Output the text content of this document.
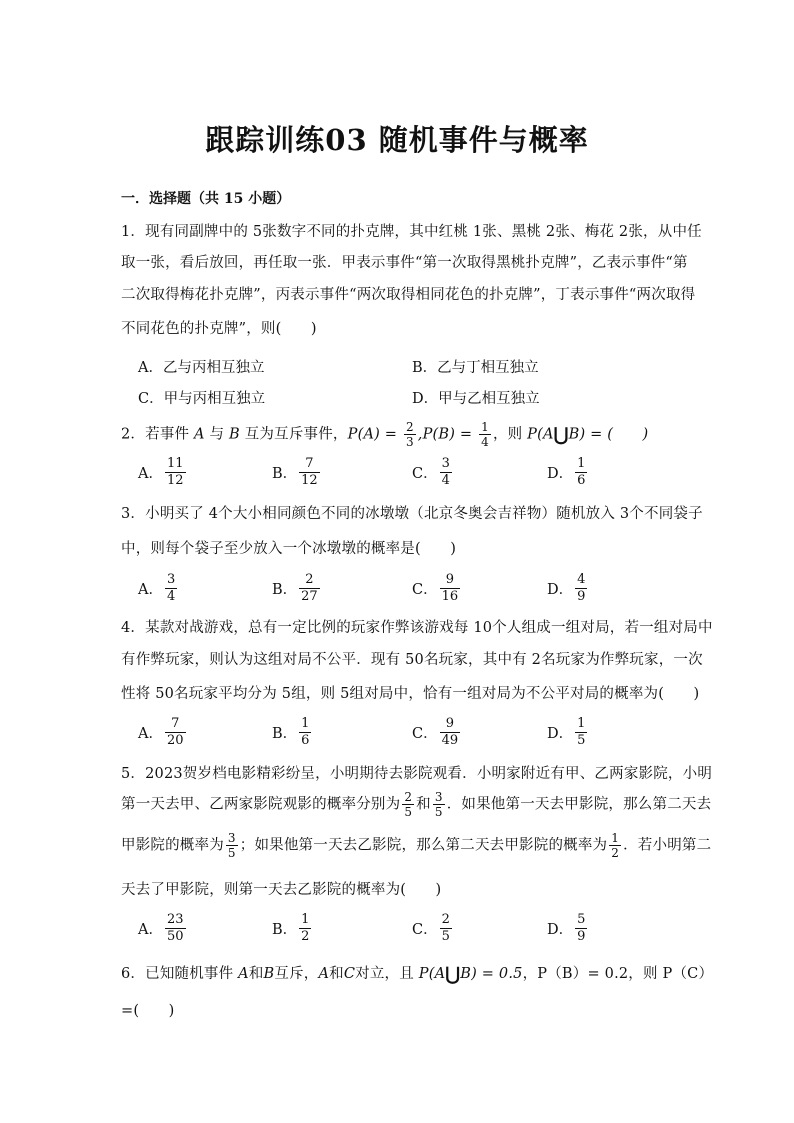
跟踪训练03 随机事件与概率
一．选择题（共 15 小题）
1．现有同副牌中的 5张数字不同的扑克牌，其中红桃 1张、黑桃 2张、梅花 2张，从中任
取一张，看后放回，再任取一张．甲表示事件“第一次取得黑桃扑克牌”，乙表示事件“第
二次取得梅花扑克牌”，丙表示事件“两次取得相同花色的扑克牌”，丁表示事件“两次取得
不同花色的扑克牌”，则(　　)
A．乙与丙相互独立	B．乙与丁相互独立
C．甲与丙相互独立	D．甲与乙相互独立
2．若事件 A 与 B 互为互斥事件，$P(A) = \frac{2}{3} ,P(B) = \frac{1}{4}$ ，则 P(A⋃B) = (　　)
A． $\frac{11}{12}$	B． $\frac{7}{12}$	C． $\frac{3}{4}$	D． $\frac{1}{6}$
3．小明买了 4个大小相同颜色不同的冰墩墩（北京冬奥会吉祥物）随机放入 3个不同袋子
中，则每个袋子至少放入一个冰墩墩的概率是(　　)
A． $\frac{3}{4}$	B． $\frac{2}{27}$	C． $\frac{9}{16}$	D． $\frac{4}{9}$
4．某款对战游戏，总有一定比例的玩家作弊该游戏每 10个人组成一组对局，若一组对局中
有作弊玩家，则认为这组对局不公平．现有 50名玩家，其中有 2名玩家为作弊玩家，一次
性将 50名玩家平均分为 5组，则 5组对局中，恰有一组对局为不公平对局的概率为(　　)
A． $\frac{7}{20}$	B． $\frac{1}{6}$	C． $\frac{9}{49}$	D． $\frac{1}{5}$
5．2023贺岁档电影精彩纷呈，小明期待去影院观看．小明家附近有甲、乙两家影院，小明
第一天去甲、乙两家影院观影的概率分别为 $\frac{2}{5}$ 和 $\frac{3}{5}$ ．如果他第一天去甲影院，那么第二天去
甲影院的概率为 $\frac{3}{5}$ ；如果他第一天去乙影院，那么第二天去甲影院的概率为 $\frac{1}{2}$ ．若小明第二
天去了甲影院，则第一天去乙影院的概率为(　　)
A． $\frac{23}{50}$	B． $\frac{1}{2}$	C． $\frac{2}{5}$	D． $\frac{5}{9}$
6．已知随机事件 A和B互斥，A和C对立，且 P(A⋃B) = 0.5，P（B）= 0.2，则 P（C）
=(　　)
